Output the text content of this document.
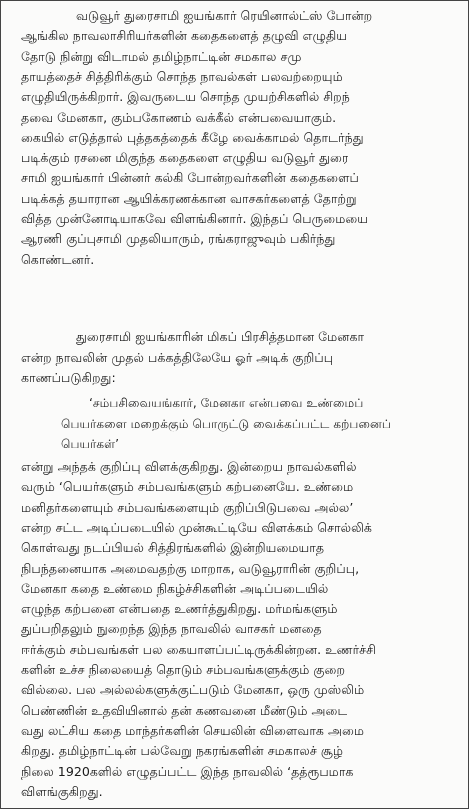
வடுவூர் துரைசாமி ஐயங்கார் ரெயினால்ட்ஸ் போன்ற
ஆங்கில நாவலாசிரியர்களின் கதைகளைத் தழுவி எழுதிய
தோடு நின்று விடாமல் தமிழ்நாட்டின் சமகால சமு
தாயத்தைச் சித்திரிக்கும் சொந்த நாவல்கள் பலவற்றையும்
எழுதியிருக்கிறார். இவருடைய சொந்த முயற்சிகளில் சிறந்
தவை மேனகா, கும்பகோணம் வக்கீல் என்பவையாகும்.
கையில் எடுத்தால் புத்தகத்தைக் கீழே வைக்காமல் தொடர்ந்து
படிக்கும் ரசனை மிகுந்த கதைகளை எழுதிய வடுவூர் துரை
சாமி ஐயங்கார் பின்னர் கல்கி போன்றவர்களின் கதைகளைப்
படிக்கத் தயாரான ஆயிக்கரணக்கான வாசகர்களைத் தோற்று
வித்த முன்னோடியாகவே விளங்கினார். இந்தப் பெருமையை
ஆரணி குப்புசாமி முதலியாரும், ரங்கராஜுவும் பகிர்ந்து
கொண்டனர்.
துரைசாமி ஐயங்காரின் மிகப் பிரசித்தமான மேனகா
என்ற நாவலின் முதல் பக்கத்திலேயே ஓர் அடிக் குறிப்பு
காணப்படுகிறது:
‘சம்பசிவையங்கார், மேனகா என்பவை உண்மைப்
பெயர்களை மறைக்கும் பொருட்டு வைக்கப்பட்ட கற்பனைப்
பெயர்கள்’
என்று அந்தக் குறிப்பு விளக்குகிறது. இன்றைய நாவல்களில்
வரும் ‘பெயர்களும் சம்பவங்களும் கற்பனையே. உண்மை
மனிதர்களையும் சம்பவங்களையும் குறிப்பிடுபவை அல்ல’
என்ற சட்ட அடிப்படையில் முன்கூட்டியே விளக்கம் சொல்லிக்
கொள்வது நடப்பியல் சித்திரங்களில் இன்றியமையாத
நிபந்தனையாக அமைவதற்கு மாறாக, வடுவூராரின் குறிப்பு,
மேனகா கதை உண்மை நிகழ்ச்சிகளின் அடிப்படையில்
எழுந்த கற்பனை என்பதை உணர்த்துகிறது. மர்மங்களும்
துப்பறிதலும் நுறைந்த இந்த நாவலில் வாசகர் மனதை
ஈர்க்கும் சம்பவங்கள் பல கையாளப்பட்டிருக்கின்றன. உணர்ச்சி
களின் உச்ச நிலையைத் தொடும் சம்பவங்களுக்கும் குறை
வில்லை. பல அல்லல்களுக்குட்படும் மேனகா, ஒரு முஸ்லிம்
பெண்ணின் உதவியினால் தன் கணவனை மீண்டும் அடை
வது லட்சிய கதை மாந்தர்களின் செயலின் விளைவாக அமை
கிறது. தமிழ்நாட்டின் பல்வேறு நகரங்களின் சமகாலச் சூழ்
நிலை 1920களில் எழுதப்பட்ட இந்த நாவலில் ‘தத்ரூபமாக
விளங்குகிறது.
